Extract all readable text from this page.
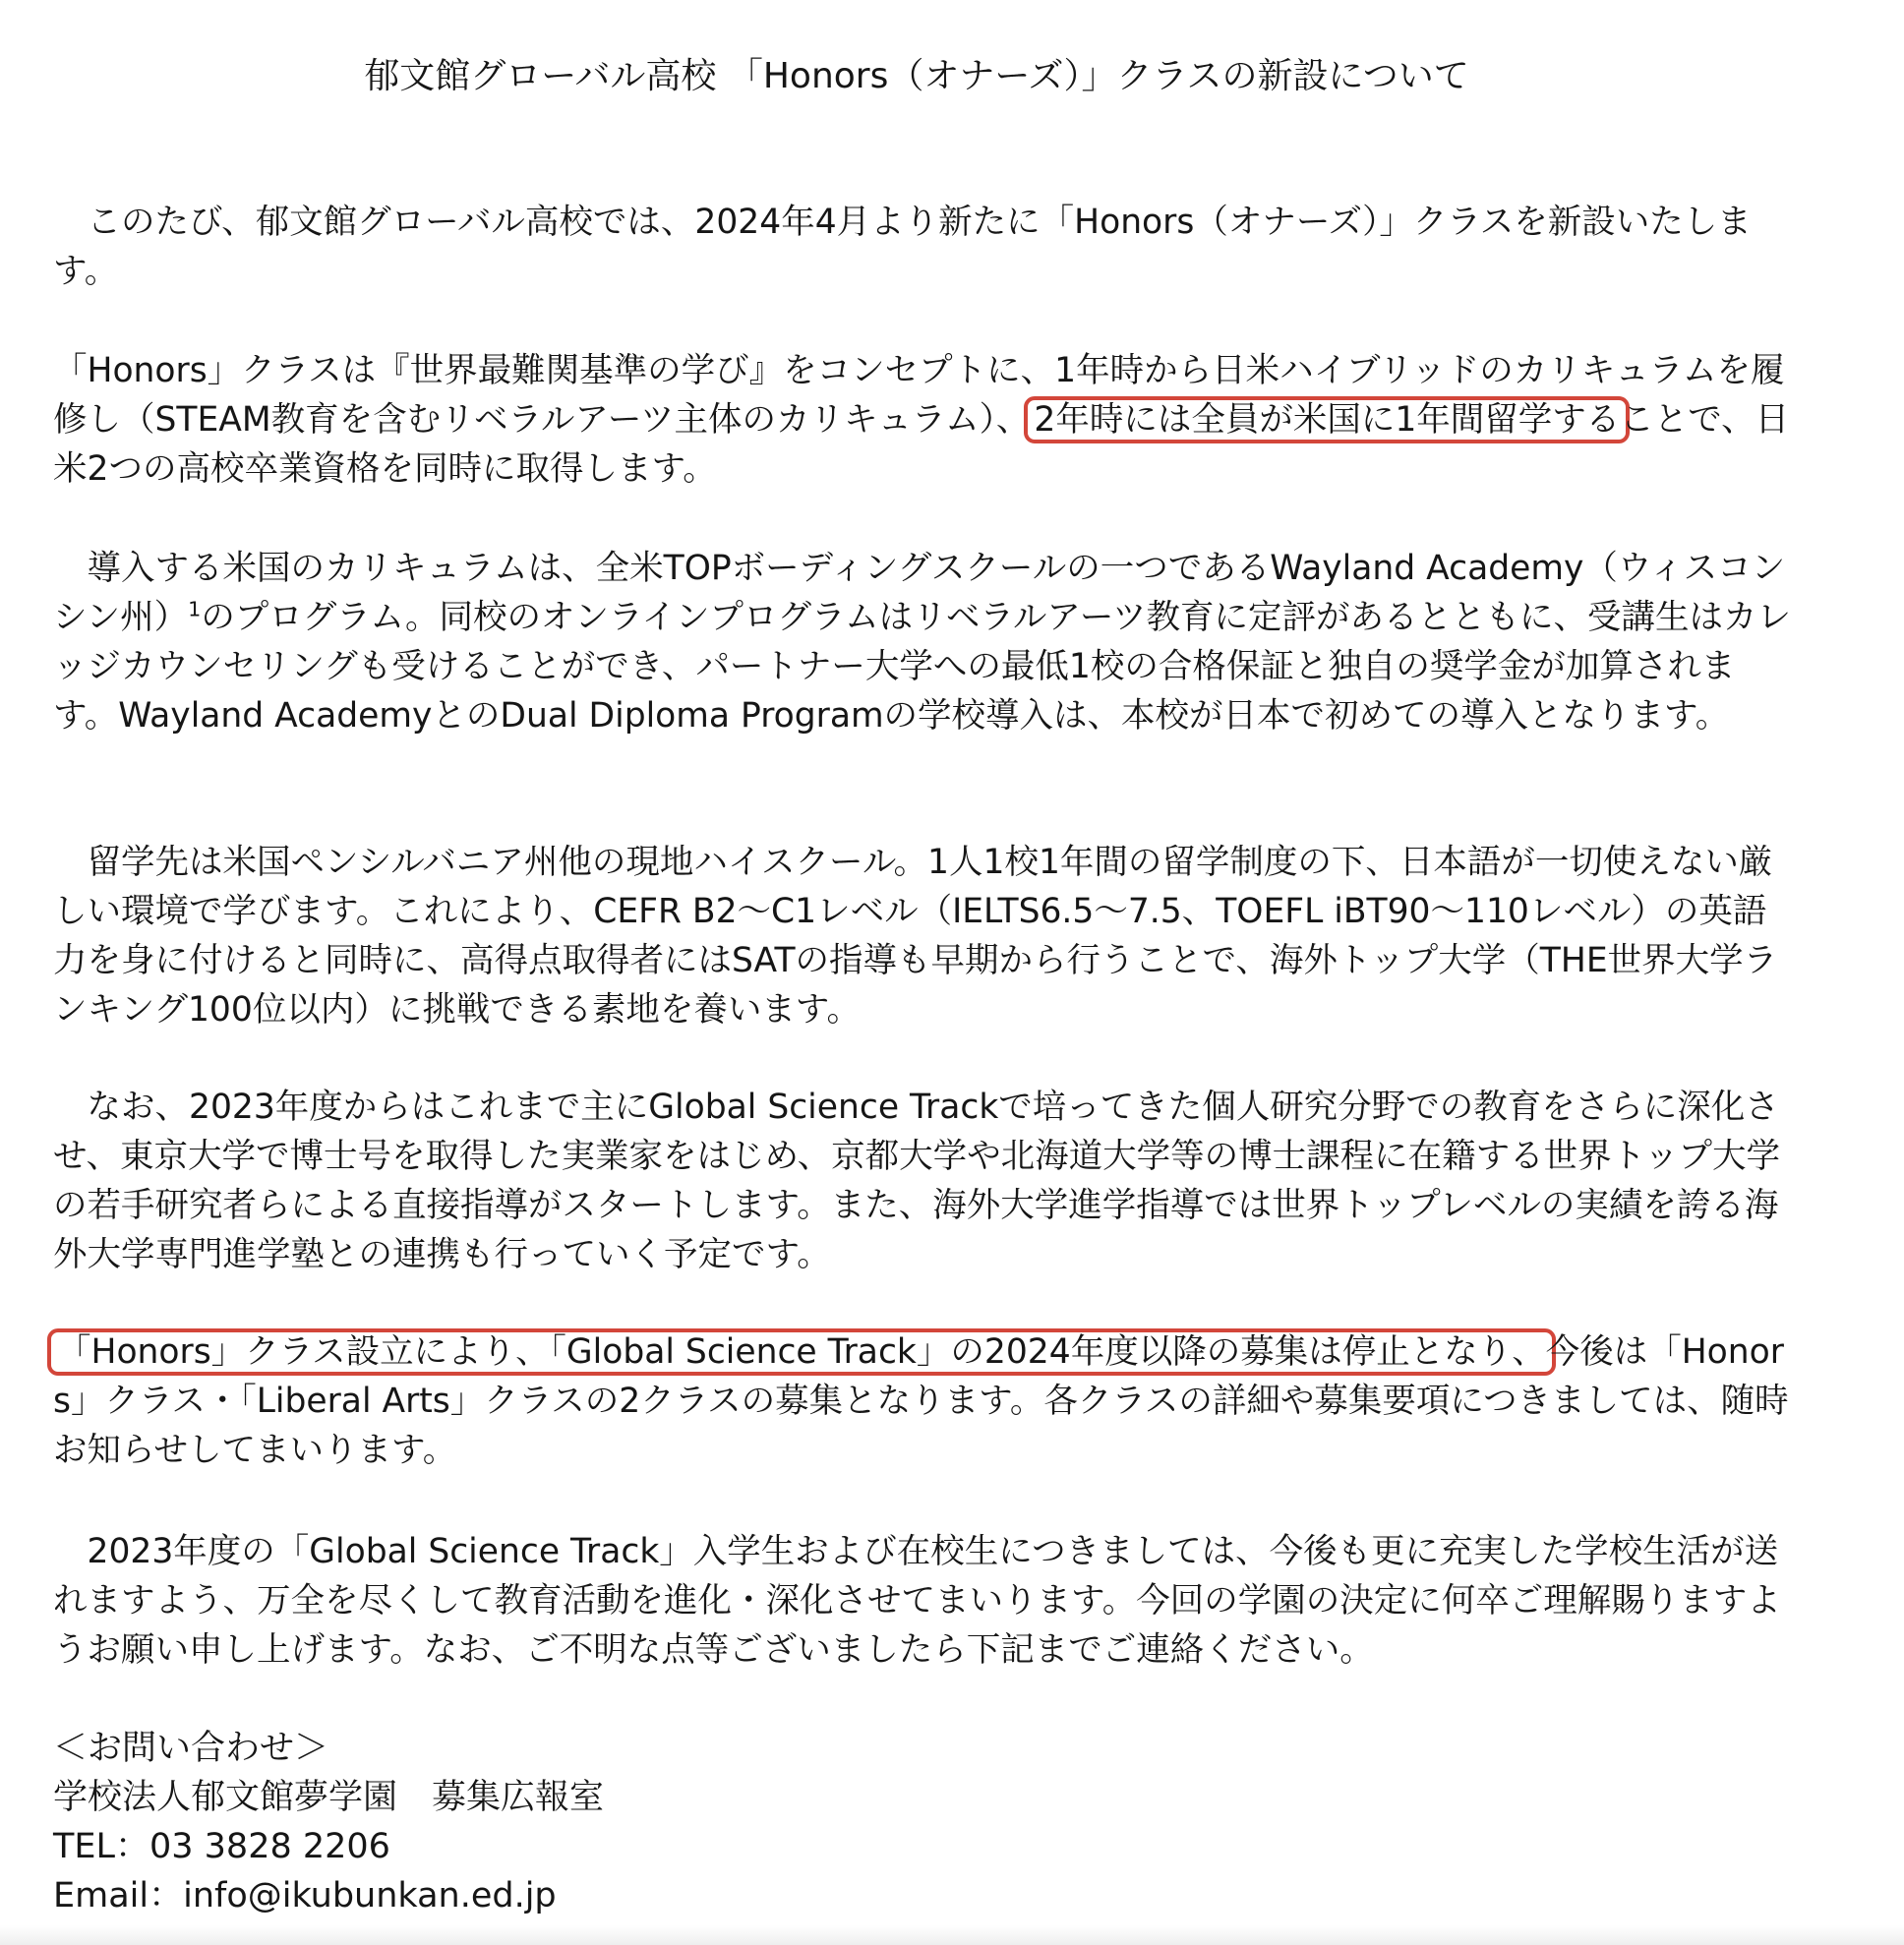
郁文館グローバル高校 「Honors（オナーズ）」クラスの新設について

　このたび、郁文館グローバル高校では、2024年4月より新たに「Honors（オナーズ）」クラスを新設いたします。

「Honors」クラスは『世界最難関基準の学び』をコンセプトに、1年時から日米ハイブリッドのカリキュラムを履修し（STEAM教育を含むリベラルアーツ主体のカリキュラム）、 2年時には全員が米国に1年間留学することで、日米2つの高校卒業資格を同時に取得します。

　導入する米国のカリキュラムは、全米TOPボーディングスクールの一つであるWayland Academy（ウィスコンシン州）$^1$のプログラム。同校のオンラインプログラムはリベラルアーツ教育に定評があるとともに、受講生はカレッジカウンセリングも受けることができ、パートナー大学への最低1校の合格保証と独自の奨学金が加算されます。Wayland AcademyとのDual Diploma Programの学校導入は、本校が日本で初めての導入となります。

　留学先は米国ペンシルバニア州他の現地ハイスクール。1人1校1年間の留学制度の下、日本語が一切使えない厳しい環境で学びます。これにより、CEFR B2〜C1レベル（IELTS6.5〜7.5、TOEFL iBT90〜110レベル）の英語力を身に付けると同時に、高得点取得者にはSATの指導も早期から行うことで、海外トップ大学（THE世界大学ランキング100位以内）に挑戦できる素地を養います。

　なお、2023年度からはこれまで主にGlobal Science Trackで培ってきた個人研究分野での教育をさらに深化させ、東京大学で博士号を取得した実業家をはじめ、京都大学や北海道大学等の博士課程に在籍する世界トップ大学の若手研究者らによる直接指導がスタートします。また、海外大学進学指導では世界トップレベルの実績を誇る海外大学専門進学塾との連携も行っていく予定です。

「Honors」クラス設立により、「Global Science Track」の2024年度以降の募集は停止となり、今後は「Honors」クラス・「Liberal Arts」クラスの2クラスの募集となります。各クラスの詳細や募集要項につきましては、随時お知らせしてまいります。

　2023年度の「Global Science Track」入学生および在校生につきましては、今後も更に充実した学校生活が送れますよう、万全を尽くして教育活動を進化・深化させてまいります。今回の学園の決定に何卒ご理解賜りますようお願い申し上げます。なお、ご不明な点等ございましたら下記までご連絡ください。

＜お問い合わせ＞
学校法人郁文館夢学園　募集広報室
TEL：03 3828 2206
Email：info@ikubunkan.ed.jp
